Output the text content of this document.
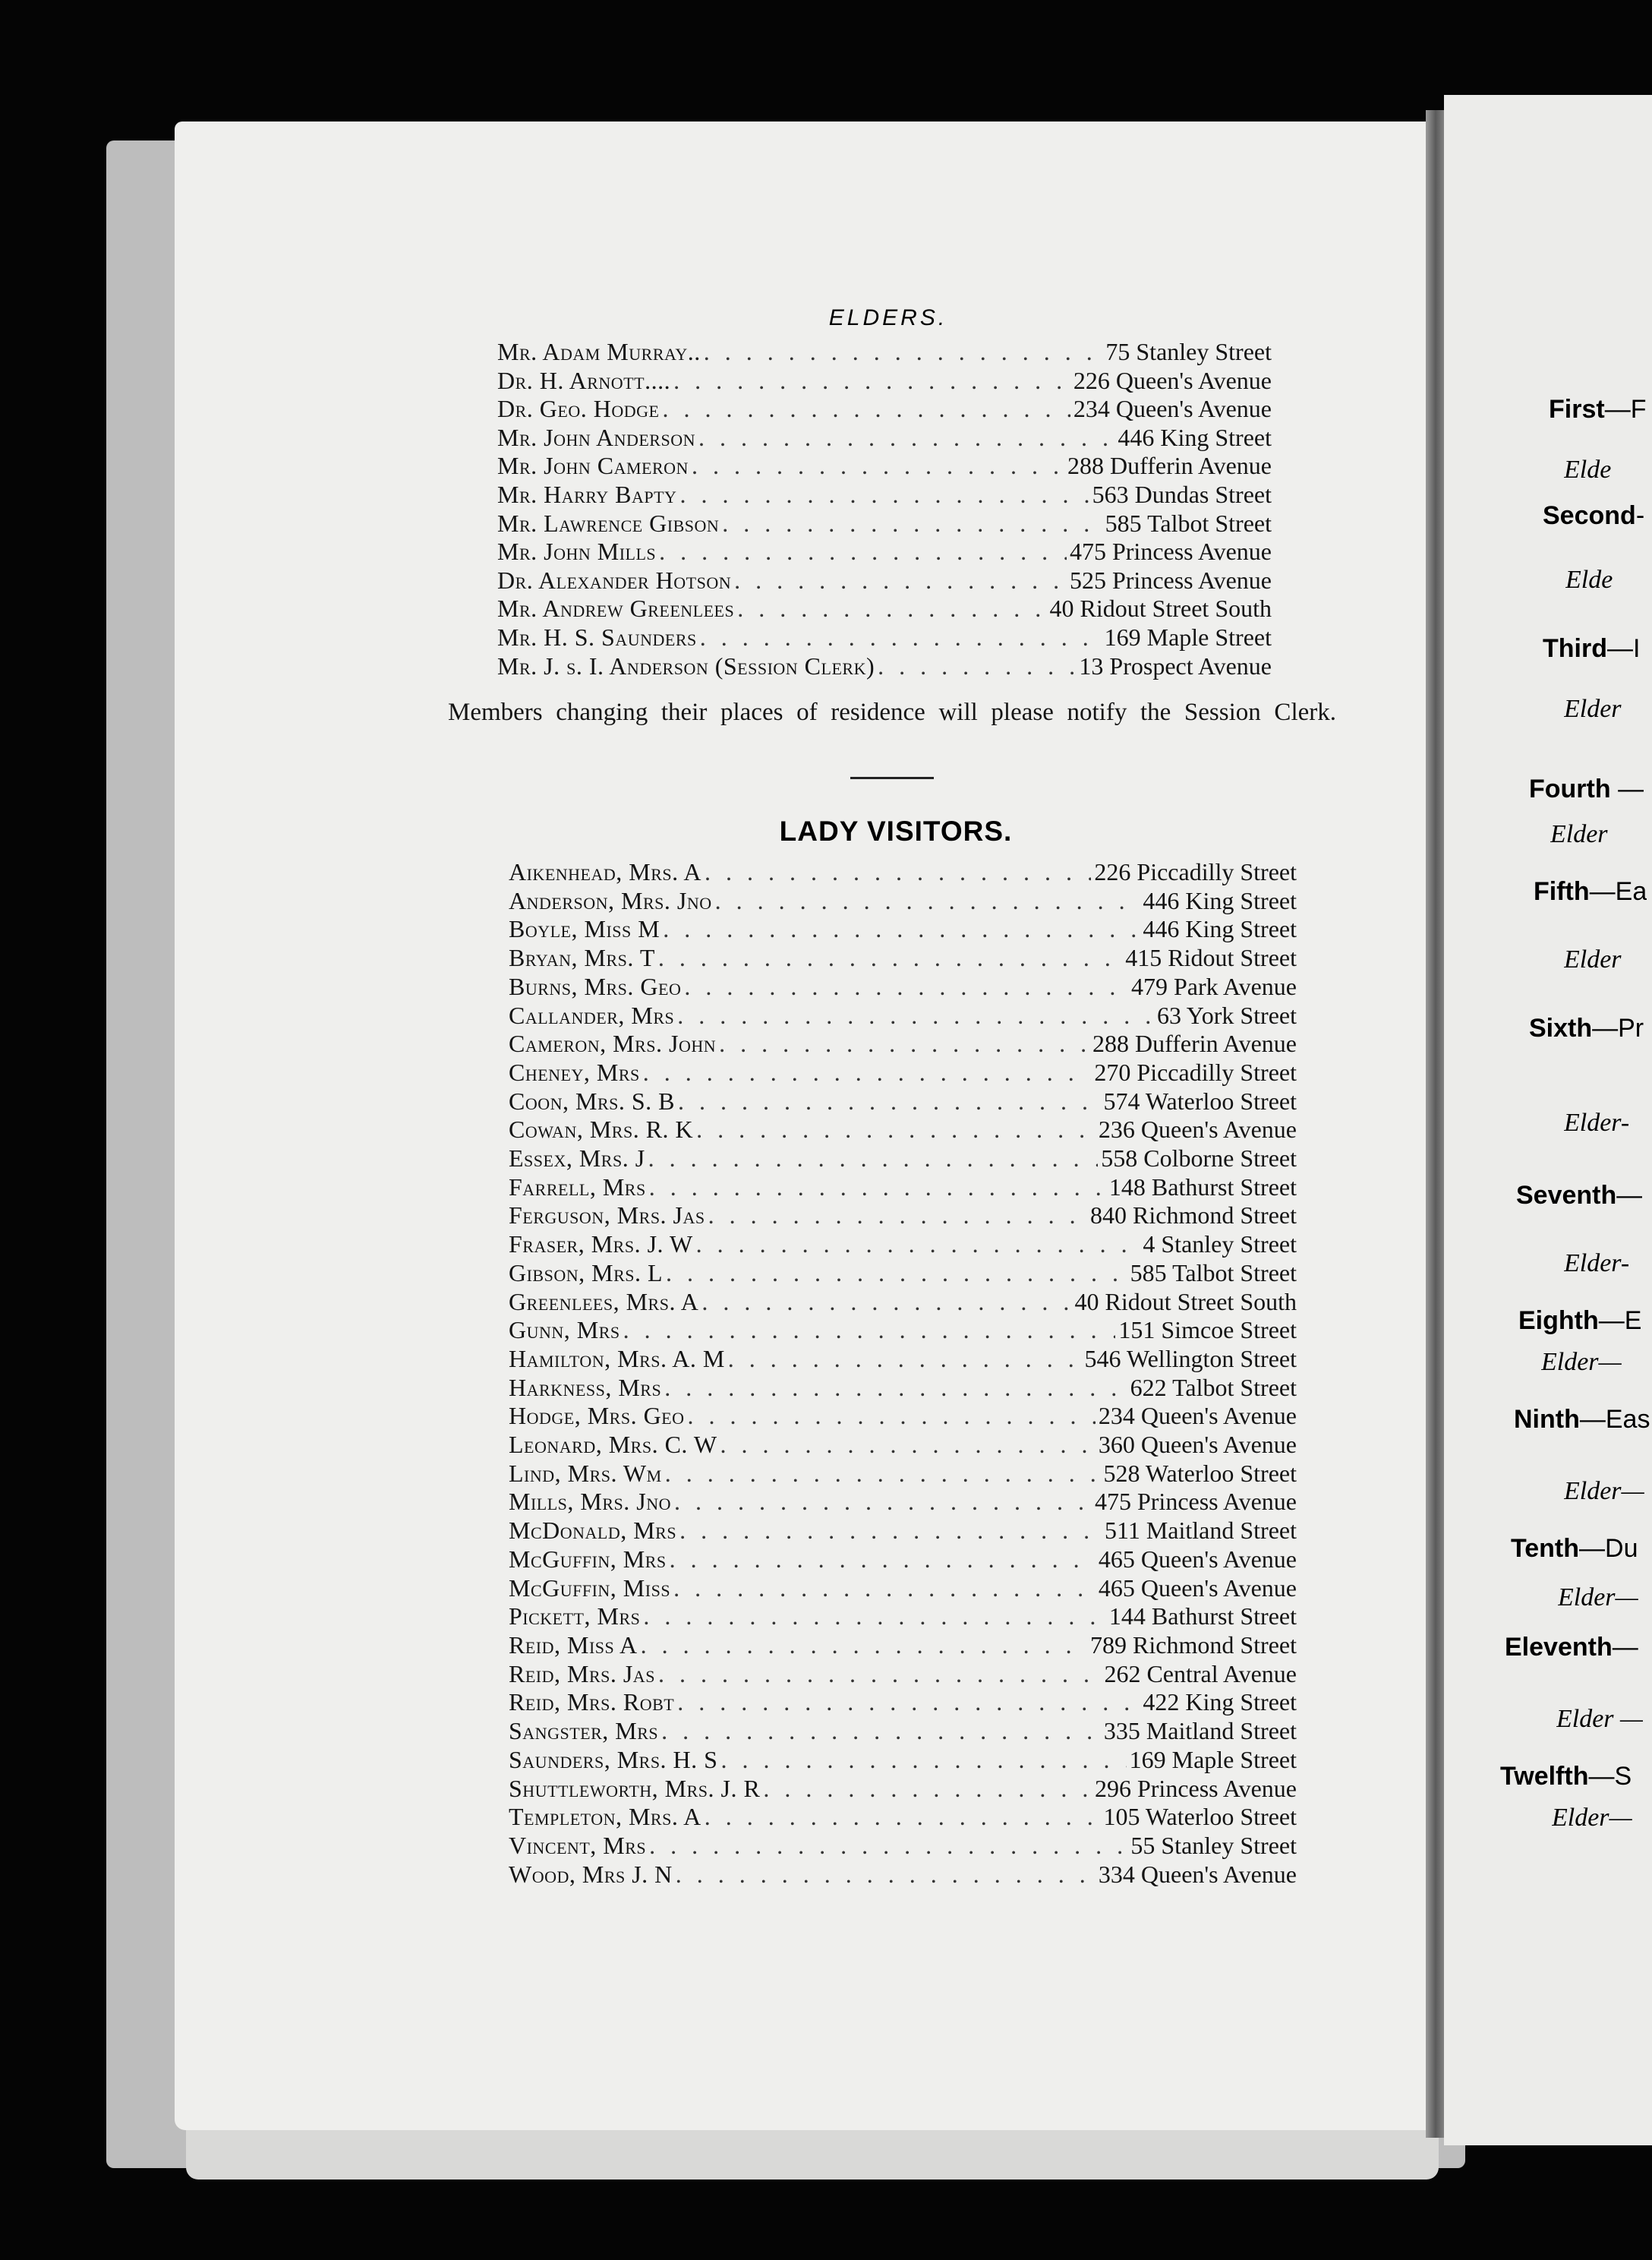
First—F
Elde
Second-
Elde
Third—I
Elder
Fourth —
Elder
Fifth—Ea
Elder
Sixth—Pr
Elder-
Seventh—
Elder-
Eighth—E
Elder—
Ninth—Eas
Elder—
Tenth—Du
Elder—
Eleventh—
Elder —
Twelfth—S
Elder—
ELDERS.
Mr. Adam Murray.. . . .	75 Stanley Street
Dr. H. Arnott.... . . .	226 Queen's Avenue
Dr. Geo. Hodge . . .	234 Queen's Avenue
Mr. John Anderson . . .	446 King Street
Mr. John Cameron . . .	288 Dufferin Avenue
Mr. Harry Bapty . . .	563 Dundas Street
Mr. Lawrence Gibson . . .	585 Talbot Street
Mr. John Mills . . .	475 Princess Avenue
Dr. Alexander Hotson . . .	525 Princess Avenue
Mr. Andrew Greenlees . . .	40 Ridout Street South
Mr. H. S. Saunders . . .	169 Maple Street
Mr. J. s. I. Anderson (Session Clerk) . . .	13 Prospect Avenue
Members changing their places of residence will please notify the Session Clerk.
LADY VISITORS.
Aikenhead, Mrs. A . . .	226 Piccadilly Street
Anderson, Mrs. Jno . . .	446 King Street
Boyle, Miss M . . .	446 King Street
Bryan, Mrs. T . . .	415 Ridout Street
Burns, Mrs. Geo . . .	479 Park Avenue
Callander, Mrs . . .	63 York Street
Cameron, Mrs. John . . .	288 Dufferin Avenue
Cheney, Mrs . . .	270 Piccadilly Street
Coon, Mrs. S. B . . .	574 Waterloo Street
Cowan, Mrs. R. K . . .	236 Queen's Avenue
Essex, Mrs. J . . .	558 Colborne Street
Farrell, Mrs . . .	148 Bathurst Street
Ferguson, Mrs. Jas . . .	840 Richmond Street
Fraser, Mrs. J. W . . .	4 Stanley Street
Gibson, Mrs. L . . .	585 Talbot Street
Greenlees, Mrs. A . . .	40 Ridout Street South
Gunn, Mrs . . .	151 Simcoe Street
Hamilton, Mrs. A. M . . .	546 Wellington Street
Harkness, Mrs . . .	622 Talbot Street
Hodge, Mrs. Geo . . .	234 Queen's Avenue
Leonard, Mrs. C. W . . .	360 Queen's Avenue
Lind, Mrs. Wm . . .	528 Waterloo Street
Mills, Mrs. Jno . . .	475 Princess Avenue
McDonald, Mrs . . .	511 Maitland Street
McGuffin, Mrs . . .	465 Queen's Avenue
McGuffin, Miss . . .	465 Queen's Avenue
Pickett, Mrs . . .	144 Bathurst Street
Reid, Miss A . . .	789 Richmond Street
Reid, Mrs. Jas . . .	262 Central Avenue
Reid, Mrs. Robt . . .	422 King Street
Sangster, Mrs . . .	335 Maitland Street
Saunders, Mrs. H. S . . .	169 Maple Street
Shuttleworth, Mrs. J. R . . .	296 Princess Avenue
Templeton, Mrs. A . . .	105 Waterloo Street
Vincent, Mrs . . .	55 Stanley Street
Wood, Mrs J. N . . .	334 Queen's Avenue
